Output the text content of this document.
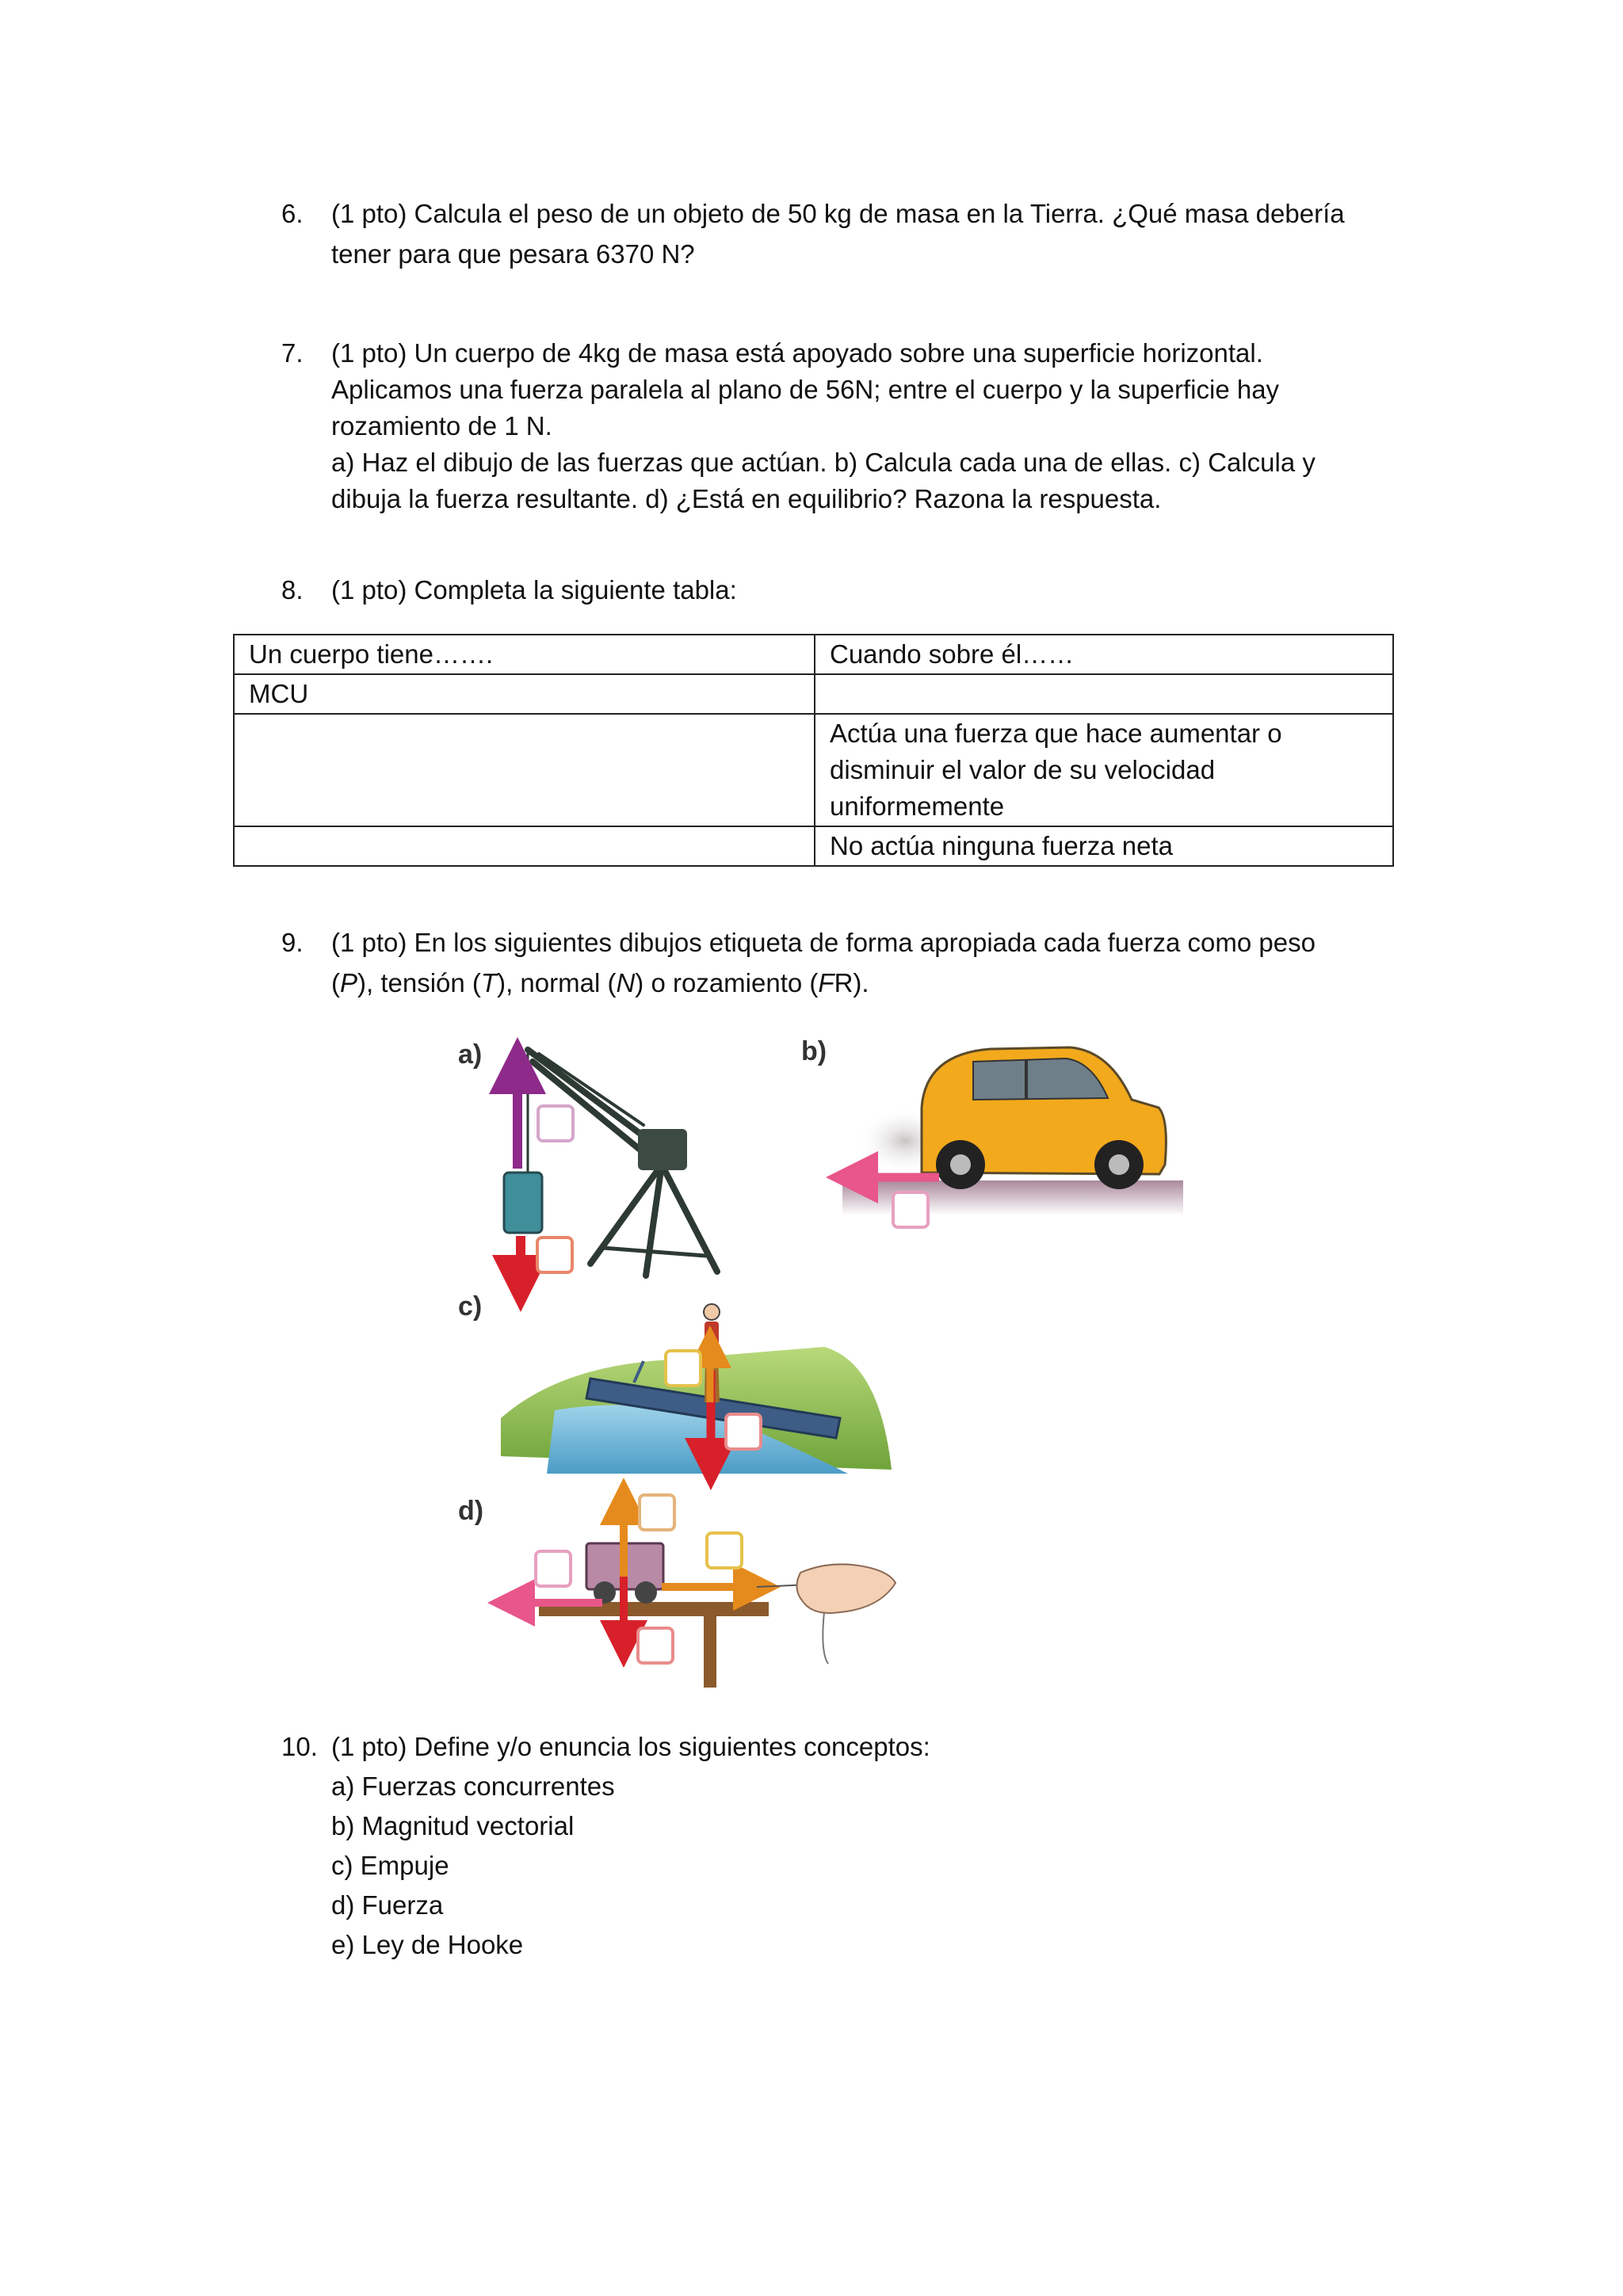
6. (1 pto) Calcula el peso de un objeto de 50 kg de masa en la Tierra. ¿Qué masa debería

tener para que pesara 6370 N?

7. (1 pto) Un cuerpo de 4kg de masa está apoyado sobre una superficie horizontal.

Aplicamos una fuerza paralela al plano de 56N; entre el cuerpo y la superficie hay

rozamiento de 1 N.

a) Haz el dibujo de las fuerzas que actúan. b) Calcula cada una de ellas. c) Calcula y

dibuja la fuerza resultante. d) ¿Está en equilibrio? Razona la respuesta.

8. (1 pto) Completa la siguiente tabla:

Un cuerpo tiene…….	Cuando sobre él……
MCU	
	Actúa una fuerza que hace aumentar o disminuir el valor de su velocidad uniformemente
	No actúa ninguna fuerza neta
9. (1 pto) En los siguientes dibujos etiqueta de forma apropiada cada fuerza como peso

(P), tensión (T), normal (N) o rozamiento (FR).

a)	b)
c)
d)
10. (1 pto) Define y/o enuncia los siguientes conceptos:

a) Fuerzas concurrentes

b) Magnitud vectorial

c) Empuje

d) Fuerza

e) Ley de Hooke
